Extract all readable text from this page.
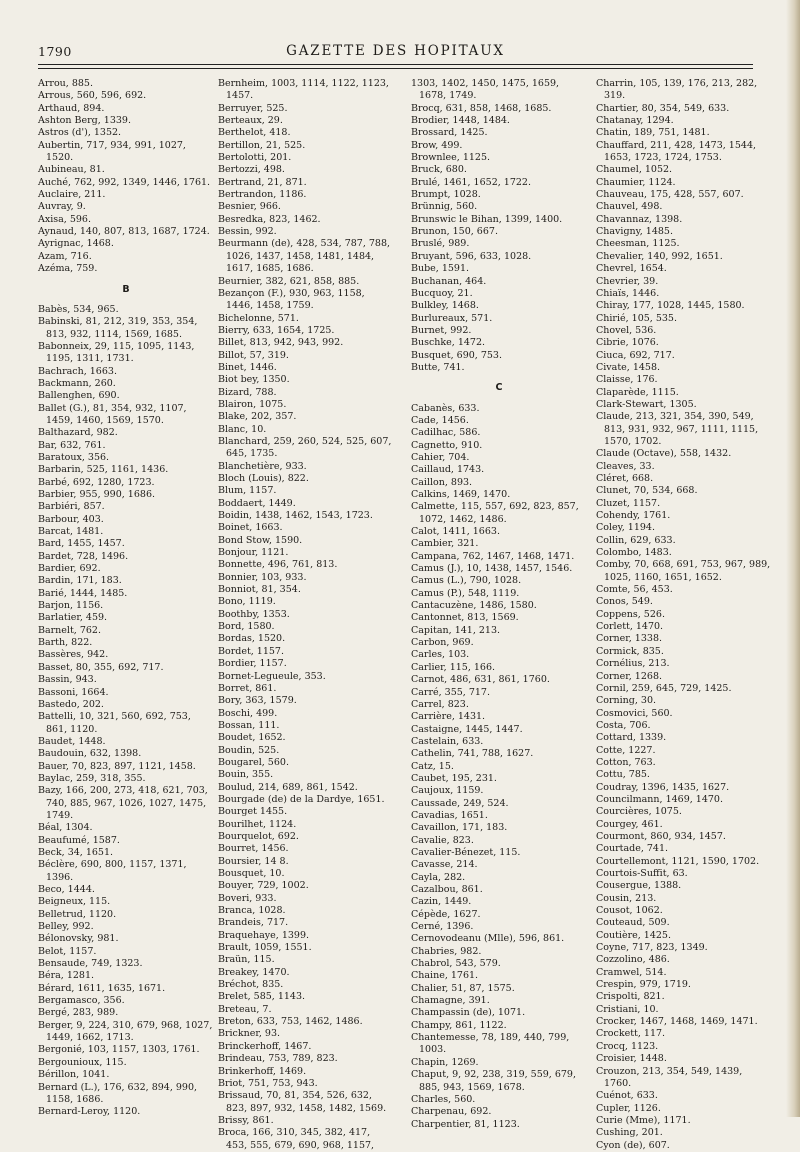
1790	GAZETTE DES HOPITAUX
Arrou, 885.
Arrous, 560, 596, 692.
Arthaud, 894.
Ashton Berg, 1339.
Astros (d'), 1352.
Aubertin, 717, 934, 991, 1027, 1520.
Aubineau, 81.
Auché, 762, 992, 1349, 1446, 1761.
Auclaire, 211.
Auvray, 9.
Axisa, 596.
Aynaud, 140, 807, 813, 1687, 1724.
Ayrignac, 1468.
Azam, 716.
Azéma, 759.
B
Babès, 534, 965.
Babinski, 81, 212, 319, 353, 354, 813, 932, 1114, 1569, 1685.
Babonneix, 29, 115, 1095, 1143, 1195, 1311, 1731.
Bachrach, 1663.
Backmann, 260.
Ballenghen, 690.
Ballet (G.), 81, 354, 932, 1107, 1459, 1460, 1569, 1570.
Balthazard, 982.
Bar, 632, 761.
Baratoux, 356.
Barbarin, 525, 1161, 1436.
Barbé, 692, 1280, 1723.
Barbier, 955, 990, 1686.
Barbiéri, 857.
Barbour, 403.
Barcat, 1481.
Bard, 1455, 1457.
Bardet, 728, 1496.
Bardier, 692.
Bardin, 171, 183.
Barié, 1444, 1485.
Barjon, 1156.
Barlatier, 459.
Barnelt, 762.
Barth, 822.
Bassères, 942.
Basset, 80, 355, 692, 717.
Bassin, 943.
Bassoni, 1664.
Bastedo, 202.
Battelli, 10, 321, 560, 692, 753, 861, 1120.
Baudet, 1448.
Baudouin, 632, 1398.
Bauer, 70, 823, 897, 1121, 1458.
Baylac, 259, 318, 355.
Bazy, 166, 200, 273, 418, 621, 703, 740, 885, 967, 1026, 1027, 1475, 1749.
Béal, 1304.
Beaufumé, 1587.
Beck, 34, 1651.
Béclère, 690, 800, 1157, 1371, 1396.
Beco, 1444.
Beigneux, 115.
Belletrud, 1120.
Belley, 992.
Bélonovsky, 981.
Belot, 1157.
Bensaude, 749, 1323.
Béra, 1281.
Bérard, 1611, 1635, 1671.
Bergamasco, 356.
Bergé, 283, 989.
Berger, 9, 224, 310, 679, 968, 1027, 1449, 1662, 1713.
Bergonié, 103, 1157, 1303, 1761.
Bergounioux, 115.
Bérillon, 1041.
Bernard (L.), 176, 632, 894, 990, 1158, 1686.
Bernard-Leroy, 1120.
Bernheim, 1003, 1114, 1122, 1123, 1457.
Berruyer, 525.
Berteaux, 29.
Berthelot, 418.
Bertillon, 21, 525.
Bertolotti, 201.
Bertozzi, 498.
Bertrand, 21, 871.
Bertrandon, 1186.
Besnier, 966.
Besredka, 823, 1462.
Bessin, 992.
Beurmann (de), 428, 534, 787, 788, 1026, 1437, 1458, 1481, 1484, 1617, 1685, 1686.
Beurnier, 382, 621, 858, 885.
Bezançon (F.), 930, 963, 1158, 1446, 1458, 1759.
Bichelonne, 571.
Bierry, 633, 1654, 1725.
Billet, 813, 942, 943, 992.
Billot, 57, 319.
Binet, 1446.
Biot bey, 1350.
Bizard, 788.
Blairon, 1075.
Blake, 202, 357.
Blanc, 10.
Blanchard, 259, 260, 524, 525, 607, 645, 1735.
Blanchetière, 933.
Bloch (Louis), 822.
Blum, 1157.
Boddaert, 1449.
Boidin, 1438, 1462, 1543, 1723.
Boinet, 1663.
Bond Stow, 1590.
Bonjour, 1121.
Bonnette, 496, 761, 813.
Bonnier, 103, 933.
Bonniot, 81, 354.
Bono, 1119.
Boothby, 1353.
Bord, 1580.
Bordas, 1520.
Bordet, 1157.
Bordier, 1157.
Bornet-Legueule, 353.
Borret, 861.
Bory, 363, 1579.
Boschi, 499.
Bossan, 111.
Boudet, 1652.
Boudin, 525.
Bougarel, 560.
Bouin, 355.
Boulud, 214, 689, 861, 1542.
Bourgade (de) de la Dardye, 1651.
Bourget 1455.
Bourilhet, 1124.
Bourquelot, 692.
Bourret, 1456.
Boursier, 14 8.
Bousquet, 10.
Bouyer, 729, 1002.
Boveri, 933.
Branca, 1028.
Brandeis, 717.
Braquehaye, 1399.
Brault, 1059, 1551.
Braün, 115.
Breakey, 1470.
Bréchot, 835.
Brelet, 585, 1143.
Breteau, 7.
Breton, 633, 753, 1462, 1486.
Brickner, 93.
Brinckerhoff, 1467.
Brindeau, 753, 789, 823.
Brinkerhoff, 1469.
Briot, 751, 753, 943.
Brissaud, 70, 81, 354, 526, 632, 823, 897, 932, 1458, 1482, 1569.
Brissy, 861.
Broca, 166, 310, 345, 382, 417, 453, 555, 679, 690, 968, 1157,
1303, 1402, 1450, 1475, 1659, 1678, 1749.
Brocq, 631, 858, 1468, 1685.
Brodier, 1448, 1484.
Brossard, 1425.
Brow, 499.
Brownlee, 1125.
Bruck, 680.
Brulé, 1461, 1652, 1722.
Brumpt, 1028.
Brünnig, 560.
Brunswic le Bihan, 1399, 1400.
Brunon, 150, 667.
Bruslé, 989.
Bruyant, 596, 633, 1028.
Bube, 1591.
Buchanan, 464.
Bucquoy, 21.
Bulkley, 1468.
Burlureaux, 571.
Burnet, 992.
Buschke, 1472.
Busquet, 690, 753.
Butte, 741.
C
Cabanès, 633.
Cade, 1456.
Cadilhac, 586.
Cagnetto, 910.
Cahier, 704.
Caillaud, 1743.
Caillon, 893.
Calkins, 1469, 1470.
Calmette, 115, 557, 692, 823, 857, 1072, 1462, 1486.
Calot, 1411, 1663.
Cambier, 321.
Campana, 762, 1467, 1468, 1471.
Camus (J.), 10, 1438, 1457, 1546.
Camus (L.), 790, 1028.
Camus (P.), 548, 1119.
Cantacuzène, 1486, 1580.
Cantonnet, 813, 1569.
Capitan, 141, 213.
Carbon, 969.
Carles, 103.
Carlier, 115, 166.
Carnot, 486, 631, 861, 1760.
Carré, 355, 717.
Carrel, 823.
Carrière, 1431.
Castaigne, 1445, 1447.
Castelain, 633.
Cathelin, 741, 788, 1627.
Catz, 15.
Caubet, 195, 231.
Caujoux, 1159.
Caussade, 249, 524.
Cavadias, 1651.
Cavaillon, 171, 183.
Cavalie, 823.
Cavalier-Bénezet, 115.
Cavasse, 214.
Cayla, 282.
Cazalbou, 861.
Cazin, 1449.
Cépède, 1627.
Cerné, 1396.
Cernovodeanu (Mlle), 596, 861.
Chabries, 982.
Chabrol, 543, 579.
Chaine, 1761.
Chalier, 51, 87, 1575.
Chamagne, 391.
Champassin (de), 1071.
Champy, 861, 1122.
Chantemesse, 78, 189, 440, 799, 1003.
Chapin, 1269.
Chaput, 9, 92, 238, 319, 559, 679, 885, 943, 1569, 1678.
Charles, 560.
Charpenau, 692.
Charpentier, 81, 1123.
Charrin, 105, 139, 176, 213, 282, 319.
Chartier, 80, 354, 549, 633.
Chatanay, 1294.
Chatin, 189, 751, 1481.
Chauffard, 211, 428, 1473, 1544, 1653, 1723, 1724, 1753.
Chaumel, 1052.
Chaumier, 1124.
Chauveau, 175, 428, 557, 607.
Chauvel, 498.
Chavannaz, 1398.
Chavigny, 1485.
Cheesman, 1125.
Chevalier, 140, 992, 1651.
Chevrel, 1654.
Chevrier, 39.
Chiaïs, 1446.
Chiray, 177, 1028, 1445, 1580.
Chirié, 105, 535.
Chovel, 536.
Cibrie, 1076.
Ciuca, 692, 717.
Civate, 1458.
Claisse, 176.
Claparède, 1115.
Clark-Stewart, 1305.
Claude, 213, 321, 354, 390, 549, 813, 931, 932, 967, 1111, 1115, 1570, 1702.
Claude (Octave), 558, 1432.
Cleaves, 33.
Cléret, 668.
Clunet, 70, 534, 668.
Cluzet, 1157.
Cohendy, 1761.
Coley, 1194.
Collin, 629, 633.
Colombo, 1483.
Comby, 70, 668, 691, 753, 967, 989, 1025, 1160, 1651, 1652.
Comte, 56, 453.
Conos, 549.
Coppens, 526.
Corlett, 1470.
Corner, 1338.
Cormick, 835.
Cornélius, 213.
Corner, 1268.
Cornil, 259, 645, 729, 1425.
Corning, 30.
Cosmovici, 560.
Costa, 706.
Cottard, 1339.
Cotte, 1227.
Cotton, 763.
Cottu, 785.
Coudray, 1396, 1435, 1627.
Councilmann, 1469, 1470.
Courcières, 1075.
Courgey, 461.
Courmont, 860, 934, 1457.
Courtade, 741.
Courtellemont, 1121, 1590, 1702.
Courtois-Suffit, 63.
Cousergue, 1388.
Cousin, 213.
Cousot, 1062.
Couteaud, 509.
Coutière, 1425.
Coyne, 717, 823, 1349.
Cozzolino, 486.
Cramwel, 514.
Crespin, 979, 1719.
Crispolti, 821.
Cristiani, 10.
Crocker, 1467, 1468, 1469, 1471.
Crockett, 117.
Crocq, 1123.
Croisier, 1448.
Crouzon, 213, 354, 549, 1439, 1760.
Cuénot, 633.
Cupler, 1126.
Curie (Mme), 1171.
Cushing, 201.
Cyon (de), 607.
